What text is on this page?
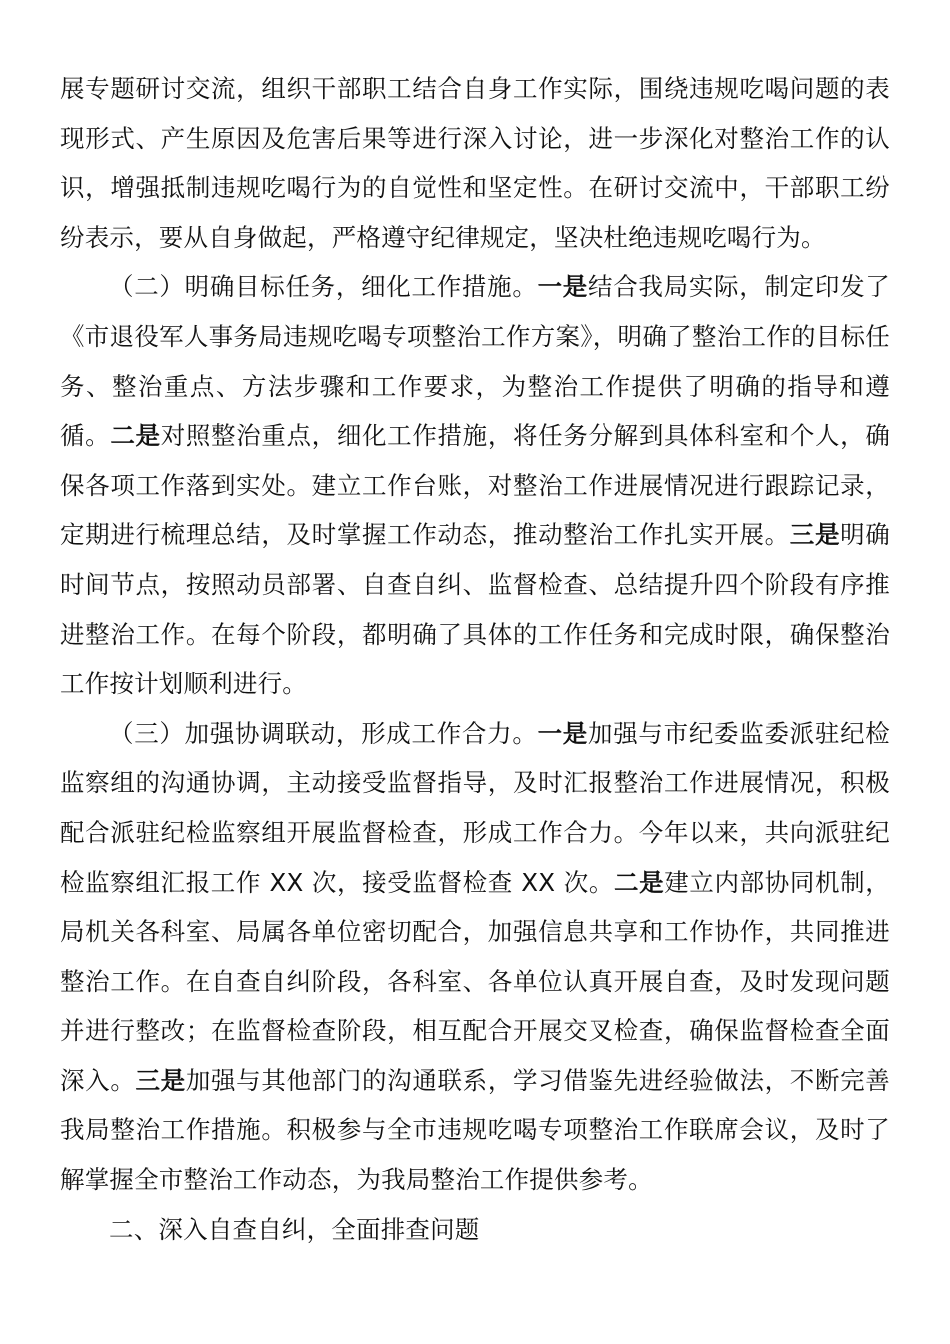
展专题研讨交流，组织干部职工结合自身工作实际，围绕违规吃喝问题的表现形式、产生原因及危害后果等进行深入讨论，进一步深化对整治工作的认识，增强抵制违规吃喝行为的自觉性和坚定性。在研讨交流中，干部职工纷纷表示，要从自身做起，严格遵守纪律规定，坚决杜绝违规吃喝行为。

（二）明确目标任务，细化工作措施。一是结合我局实际，制定印发了《市退役军人事务局违规吃喝专项整治工作方案》，明确了整治工作的目标任务、整治重点、方法步骤和工作要求，为整治工作提供了明确的指导和遵循。二是对照整治重点，细化工作措施，将任务分解到具体科室和个人，确保各项工作落到实处。建立工作台账，对整治工作进展情况进行跟踪记录，定期进行梳理总结，及时掌握工作动态，推动整治工作扎实开展。三是明确时间节点，按照动员部署、自查自纠、监督检查、总结提升四个阶段有序推进整治工作。在每个阶段，都明确了具体的工作任务和完成时限，确保整治工作按计划顺利进行。

（三）加强协调联动，形成工作合力。一是加强与市纪委监委派驻纪检监察组的沟通协调，主动接受监督指导，及时汇报整治工作进展情况，积极配合派驻纪检监察组开展监督检查，形成工作合力。今年以来，共向派驻纪检监察组汇报工作 XX 次，接受监督检查 XX 次。二是建立内部协同机制，局机关各科室、局属各单位密切配合，加强信息共享和工作协作，共同推进整治工作。在自查自纠阶段，各科室、各单位认真开展自查，及时发现问题并进行整改；在监督检查阶段，相互配合开展交叉检查，确保监督检查全面深入。三是加强与其他部门的沟通联系，学习借鉴先进经验做法，不断完善我局整治工作措施。积极参与全市违规吃喝专项整治工作联席会议，及时了解掌握全市整治工作动态，为我局整治工作提供参考。

二、深入自查自纠，全面排查问题
